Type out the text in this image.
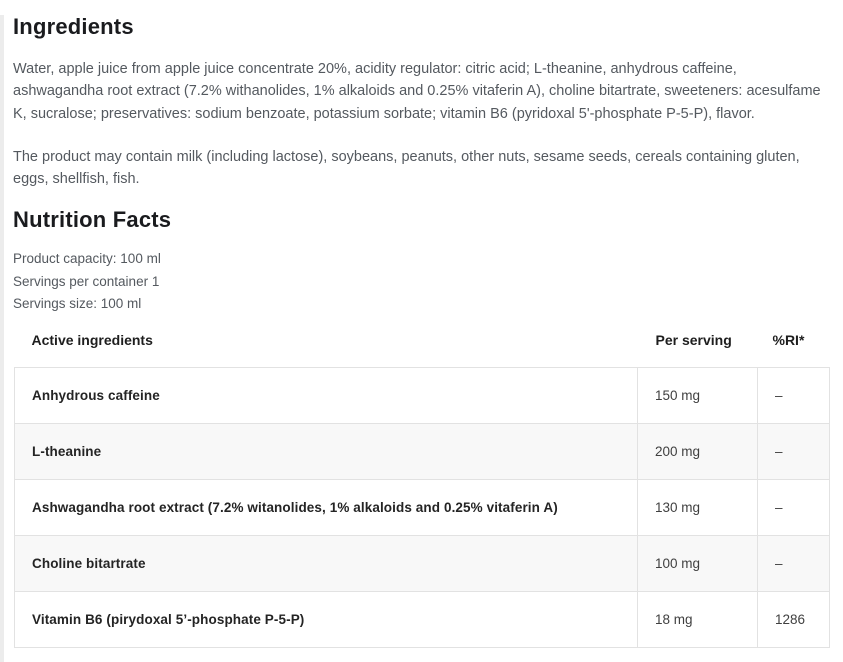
Ingredients

Water, apple juice from apple juice concentrate 20%, acidity regulator: citric acid; L-theanine, anhydrous caffeine, ashwagandha root extract (7.2% withanolides, 1% alkaloids and 0.25% vitaferin A), choline bitartrate, sweeteners: acesulfame K, sucralose; preservatives: sodium benzoate, potassium sorbate; vitamin B6 (pyridoxal 5'-phosphate P-5-P), flavor.

The product may contain milk (including lactose), soybeans, peanuts, other nuts, sesame seeds, cereals containing gluten, eggs, shellfish, fish.

Nutrition Facts

Product capacity: 100 ml

Servings per container 1

Servings size: 100 ml

Active ingredients	Per serving	%RI*
Anhydrous caffeine	150 mg	–
L-theanine	200 mg	–
Ashwagandha root extract (7.2% witanolides, 1% alkaloids and 0.25% vitaferin A)	130 mg	–
Choline bitartrate	100 mg	–
Vitamin B6 (pirydoxal 5’-phosphate P-5-P)	18 mg	1286
